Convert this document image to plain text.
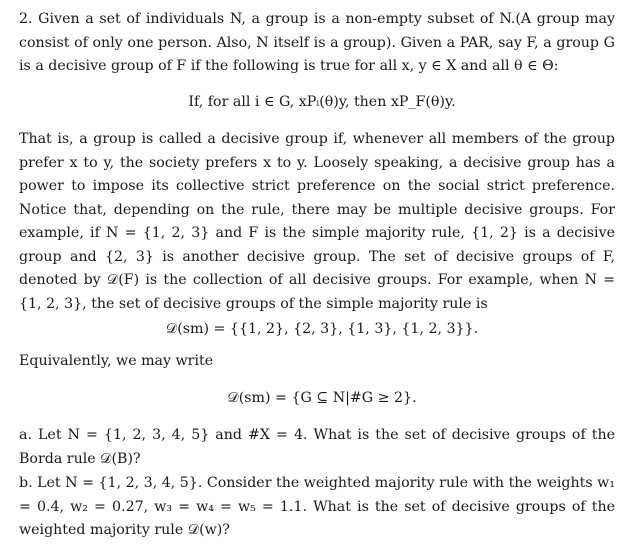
2. Given a set of individuals N, a group is a non-empty subset of N.(A group may consist of only one person. Also, N itself is a group). Given a PAR, say F, a group G is a decisive group of F if the following is true for all x, y ∈ X and all θ ∈ Θ:

If, for all i ∈ G, xPᵢ(θ)y, then xP_F(θ)y.

That is, a group is called a decisive group if, whenever all members of the group prefer x to y, the society prefers x to y. Loosely speaking, a decisive group has a power to impose its collective strict preference on the social strict preference. Notice that, depending on the rule, there may be multiple decisive groups. For example, if N = {1, 2, 3} and F is the simple majority rule, {1, 2} is a decisive group and {2, 3} is another decisive group. The set of decisive groups of F, denoted by 𝒟(F) is the collection of all decisive groups. For example, when N = {1, 2, 3}, the set of decisive groups of the simple majority rule is

𝒟(sm) = {{1, 2}, {2, 3}, {1, 3}, {1, 2, 3}}.

Equivalently, we may write

𝒟(sm) = {G ⊆ N|#G ≥ 2}.

a. Let N = {1, 2, 3, 4, 5} and #X = 4. What is the set of decisive groups of the Borda rule 𝒟(B)?

b. Let N = {1, 2, 3, 4, 5}. Consider the weighted majority rule with the weights w₁ = 0.4, w₂ = 0.27, w₃ = w₄ = w₅ = 1.1. What is the set of decisive groups of the weighted majority rule 𝒟(w)?
